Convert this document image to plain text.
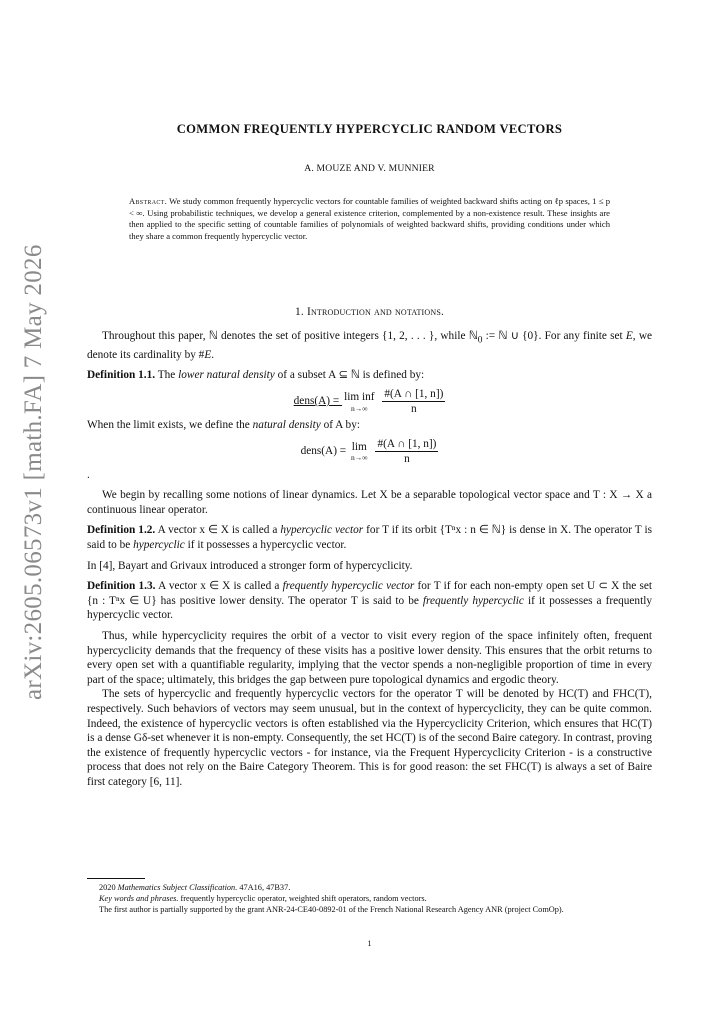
arXiv:2605.06573v1 [math.FA] 7 May 2026
COMMON FREQUENTLY HYPERCYCLIC RANDOM VECTORS
A. MOUZE AND V. MUNNIER
Abstract. We study common frequently hypercyclic vectors for countable families of weighted backward shifts acting on ℓp spaces, 1 ≤ p < ∞. Using probabilistic techniques, we develop a general existence criterion, complemented by a non-existence result. These insights are then applied to the specific setting of countable families of polynomials of weighted backward shifts, providing conditions under which they share a common frequently hypercyclic vector.
1. Introduction and notations.

Throughout this paper, ℕ denotes the set of positive integers {1, 2, . . . }, while ℕ$_0$ := ℕ ∪ {0}. For any finite set E, we denote its cardinality by #E.

Definition 1.1. The lower natural density of a subset A ⊆ ℕ is defined by:

dens(A) = lim inf
n→∞
	$\frac{\#(A \cap [1, n])}{n}$

When the limit exists, we define the natural density of A by:

dens(A) = lim
n→∞
$\frac{\#(A \cap [1, n])}{n}$

.

We begin by recalling some notions of linear dynamics. Let X be a separable topological vector space and T : X → X a continuous linear operator.

Definition 1.2. A vector x ∈ X is called a hypercyclic vector for T if its orbit {Tⁿx : n ∈ ℕ} is dense in X. The operator T is said to be hypercyclic if it possesses a hypercyclic vector.

In [4], Bayart and Grivaux introduced a stronger form of hypercyclicity.

Definition 1.3. A vector x ∈ X is called a frequently hypercyclic vector for T if for each non-empty open set U ⊂ X the set {n : Tⁿx ∈ U} has positive lower density. The operator T is said to be frequently hypercyclic if it possesses a frequently hypercyclic vector.

Thus, while hypercyclicity requires the orbit of a vector to visit every region of the space infinitely often, frequent hypercyclicity demands that the frequency of these visits has a positive lower density. This ensures that the orbit returns to every open set with a quantifiable regularity, implying that the vector spends a non-negligible proportion of time in every part of the space; ultimately, this bridges the gap between pure topological dynamics and ergodic theory.

The sets of hypercyclic and frequently hypercyclic vectors for the operator T will be denoted by HC(T) and FHC(T), respectively. Such behaviors of vectors may seem unusual, but in the context of hypercyclicity, they can be quite common. Indeed, the existence of hypercyclic vectors is often established via the Hypercyclicity Criterion, which ensures that HC(T) is a dense Gδ-set whenever it is non-empty. Consequently, the set HC(T) is of the second Baire category. In contrast, proving the existence of frequently hypercyclic vectors - for instance, via the Frequent Hypercyclicity Criterion - is a constructive process that does not rely on the Baire Category Theorem. This is for good reason: the set FHC(T) is always a set of Baire first category [6, 11].

2020 Mathematics Subject Classification. 47A16, 47B37.

Key words and phrases. frequently hypercyclic operator, weighted shift operators, random vectors.

The first author is partially supported by the grant ANR-24-CE40-0892-01 of the French National Research Agency ANR (project ComOp).

1
